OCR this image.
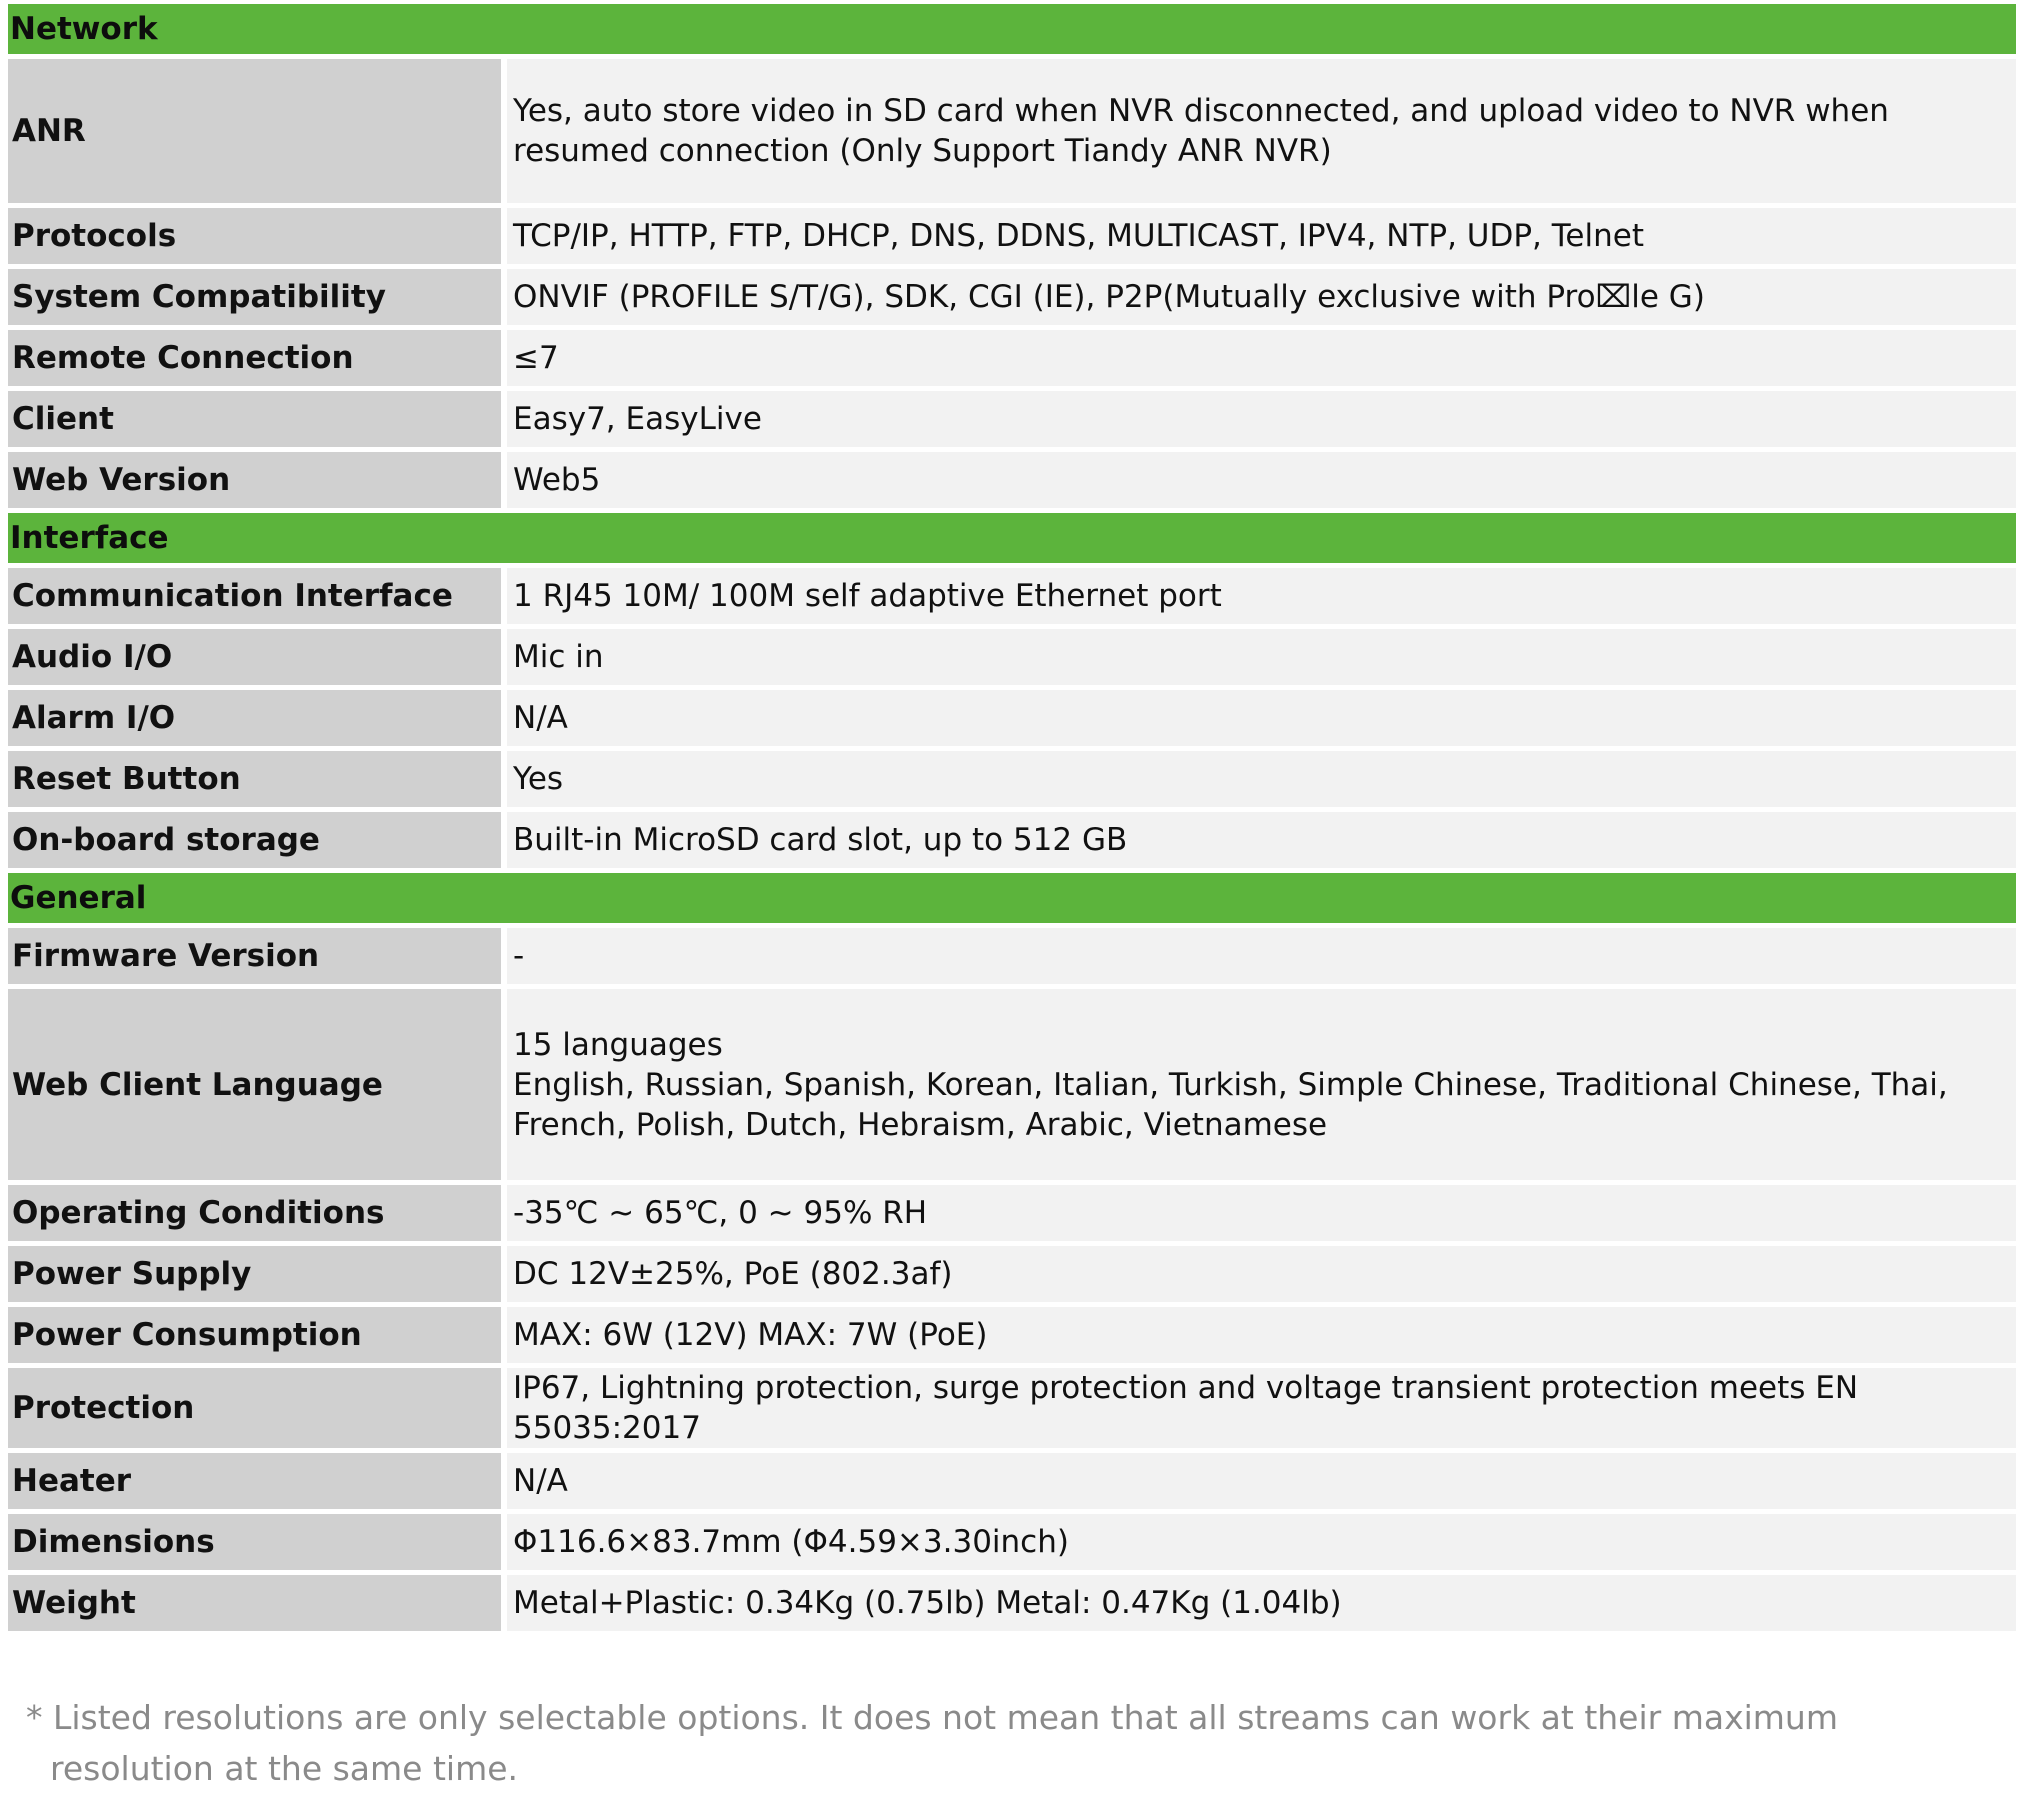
Network	
ANR	Yes, auto store video in SD card when NVR disconnected, and upload video to NVR when resumed connection (Only Support Tiandy ANR NVR)
Protocols	TCP/IP, HTTP, FTP, DHCP, DNS, DDNS, MULTICAST, IPV4, NTP, UDP, Telnet
System Compatibility	ONVIF (PROFILE S/T/G), SDK, CGI (IE), P2P(Mutually exclusive with Pro⌧le G)
Remote Connection	≤7
Client	Easy7, EasyLive
Web Version	Web5
Interface	
Communication Interface	1 RJ45 10M/ 100M self adaptive Ethernet port
Audio I/O	Mic in
Alarm I/O	N/A
Reset Button	Yes
On-board storage	Built-in MicroSD card slot, up to 512 GB
General	
Firmware Version	-
Web Client Language	15 languages
English, Russian, Spanish, Korean, Italian, Turkish, Simple Chinese, Traditional Chinese, Thai, French, Polish, Dutch, Hebraism, Arabic, Vietnamese
Operating Conditions	-35℃ ~ 65℃, 0 ~ 95% RH
Power Supply	DC 12V±25%, PoE (802.3af)
Power Consumption	MAX: 6W (12V) MAX: 7W (PoE)
Protection	IP67, Lightning protection, surge protection and voltage transient protection meets EN 55035:2017
Heater	N/A
Dimensions	Φ116.6×83.7mm (Φ4.59×3.30inch)
Weight	Metal+Plastic: 0.34Kg (0.75lb) Metal: 0.47Kg (1.04lb)
* Listed resolutions are only selectable options. It does not mean that all streams can work at their maximum resolution at the same time.
